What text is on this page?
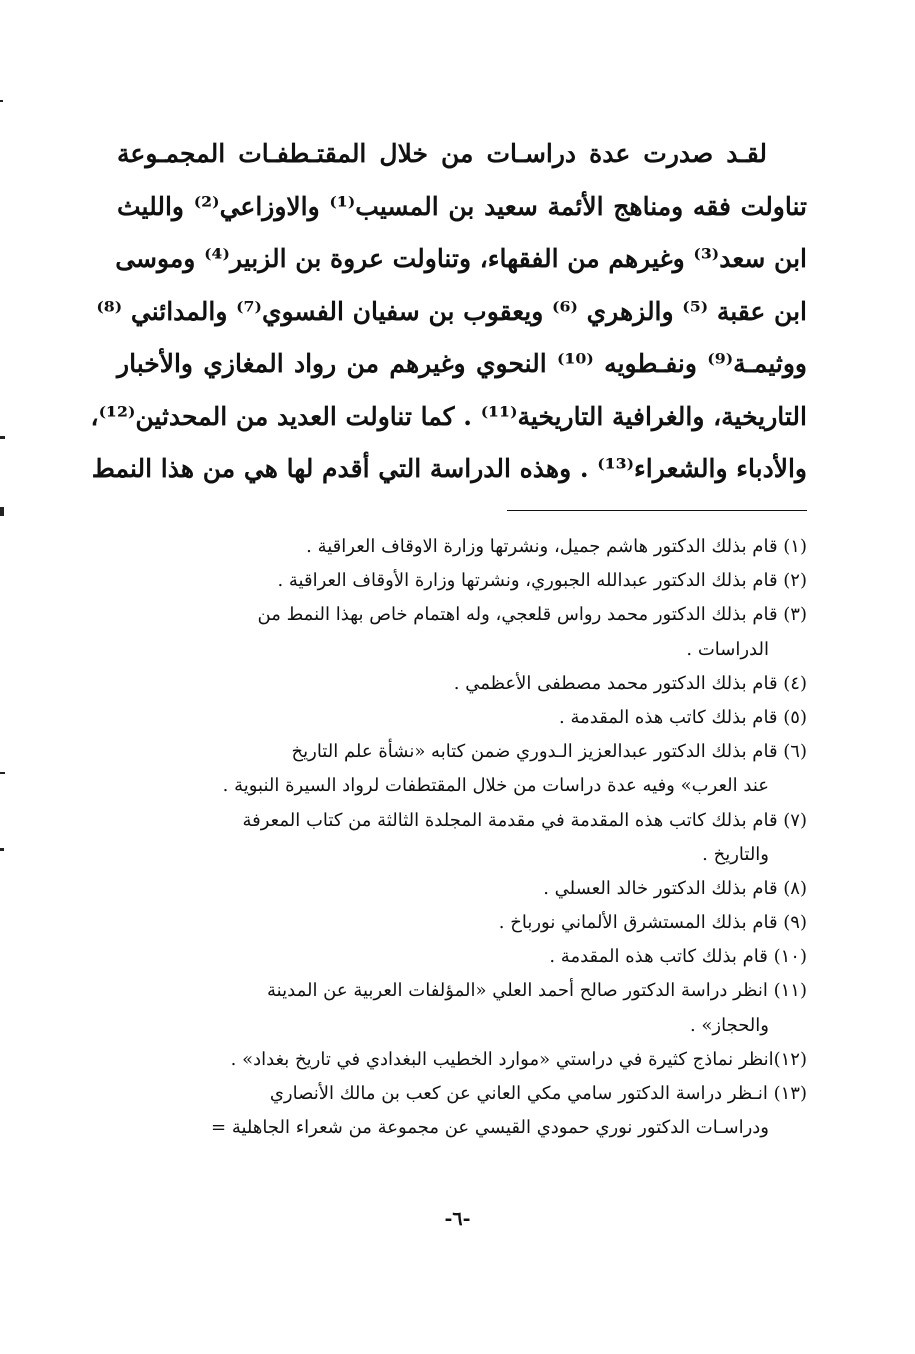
لقـد صدرت عدة دراسـات من خلال المقتـطفـات المجمـوعة
تناولت فقه ومناهج الأئمة سعيد بن المسيب⁽¹⁾ والاوزاعي⁽²⁾ والليث
ابن سعد⁽³⁾ وغيرهم من الفقهاء، وتناولت عروة بن الزبير⁽⁴⁾ وموسى
ابن عقبة ⁽⁵⁾ والزهري ⁽⁶⁾ ويعقوب بن سفيان الفسوي⁽⁷⁾ والمدائني ⁽⁸⁾
ووثيمـة⁽⁹⁾ ونفـطويه ⁽¹⁰⁾ النحوي وغيرهم من رواد المغازي والأخبار
التاريخية، والغرافية التاريخية⁽¹¹⁾ . كما تناولت العديد من المحدثين⁽¹²⁾،
والأدباء والشعراء⁽¹³⁾ . وهذه الدراسة التي أقدم لها هي من هذا النمط
(١) قام بذلك الدكتور هاشم جميل، ونشرتها وزارة الاوقاف العراقية .
(٢) قام بذلك الدكتور عبدالله الجبوري، ونشرتها وزارة الأوقاف العراقية .
(٣) قام بذلك الدكتور محمد رواس قلعجي، وله اهتمام خاص بهذا النمط من
الدراسات .
(٤) قام بذلك الدكتور محمد مصطفى الأعظمي .
(٥) قام بذلك كاتب هذه المقدمة .
(٦) قام بذلك الدكتور عبدالعزيز الـدوري ضمن كتابه «نشأة علم التاريخ
عند العرب» وفيه عدة دراسات من خلال المقتطفات لرواد السيرة النبوية .
(٧) قام بذلك كاتب هذه المقدمة في مقدمة المجلدة الثالثة من كتاب المعرفة
والتاريخ .
(٨) قام بذلك الدكتور خالد العسلي .
(٩) قام بذلك المستشرق الألماني نورباخ .
(١٠) قام بذلك كاتب هذه المقدمة .
(١١) انظر دراسة الدكتور صالح أحمد العلي «المؤلفات العربية عن المدينة
والحجاز» .
(١٢)انظر نماذج كثيرة في دراستي «موارد الخطيب البغدادي في تاريخ بغداد» .
(١٣) انـظر دراسة الدكتور سامي مكي العاني عن كعب بن مالك الأنصاري
ودراسـات الدكتور نوري حمودي القيسي عن مجموعة من شعراء الجاهلية =
-٦-
